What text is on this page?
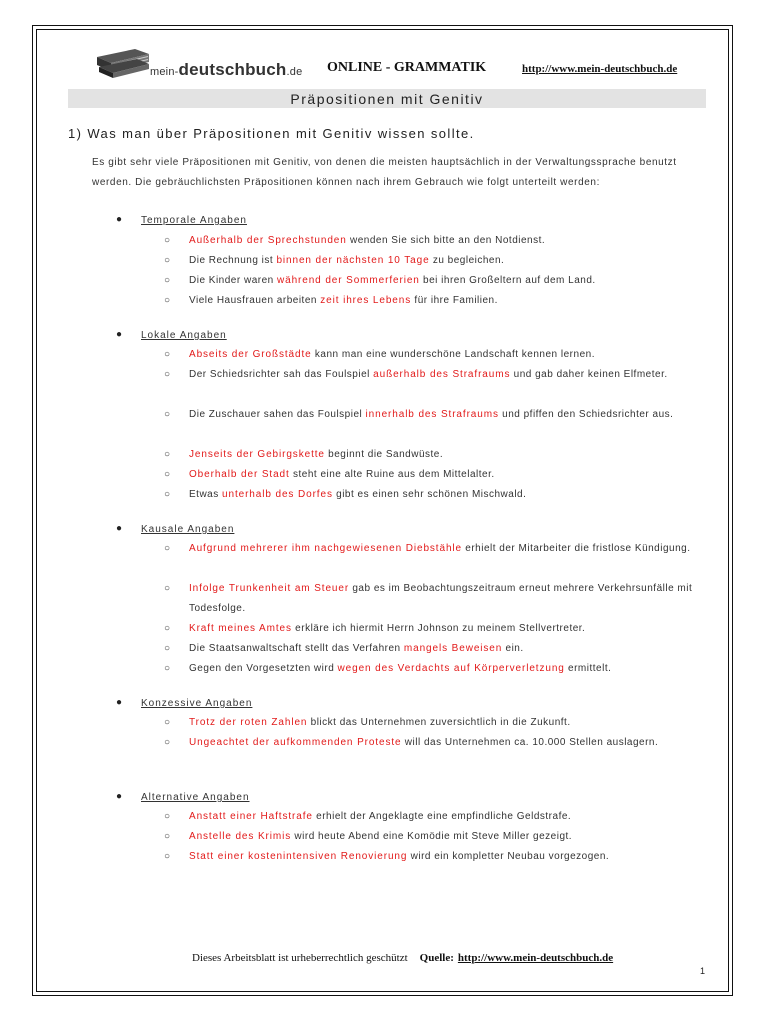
mein-deutschbuch.de ONLINE - GRAMMATIK	http://www.mein-deutschbuch.de
Präpositionen mit Genitiv
1) Was man über Präpositionen mit Genitiv wissen sollte.

Es gibt sehr viele Präpositionen mit Genitiv, von denen die meisten hauptsächlich in der Verwaltungssprache benutzt werden. Die gebräuchlichsten Präpositionen können nach ihrem Gebrauch wie folgt unterteilt werden:

● Temporale Angaben
○ Außerhalb der Sprechstunden wenden Sie sich bitte an den Notdienst.
○ Die Rechnung ist binnen der nächsten 10 Tage zu begleichen.
○ Die Kinder waren während der Sommerferien bei ihren Großeltern auf dem Land.
○ Viele Hausfrauen arbeiten zeit ihres Lebens für ihre Familien.
● Lokale Angaben
○ Abseits der Großstädte kann man eine wunderschöne Landschaft kennen lernen.
○ Der Schiedsrichter sah das Foulspiel außerhalb des Strafraums und gab daher keinen Elfmeter.
○ Die Zuschauer sahen das Foulspiel innerhalb des Strafraums und pfiffen den Schiedsrichter aus.
○ Jenseits der Gebirgskette beginnt die Sandwüste.
○ Oberhalb der Stadt steht eine alte Ruine aus dem Mittelalter.
○ Etwas unterhalb des Dorfes gibt es einen sehr schönen Mischwald.
● Kausale Angaben
○ Aufgrund mehrerer ihm nachgewiesenen Diebstähle erhielt der Mitarbeiter die fristlose Kündigung.
○ Infolge Trunkenheit am Steuer gab es im Beobachtungszeitraum erneut mehrere Verkehrsunfälle mit Todesfolge.
○ Kraft meines Amtes erkläre ich hiermit Herrn Johnson zu meinem Stellvertreter.
○ Die Staatsanwaltschaft stellt das Verfahren mangels Beweisen ein.
○ Gegen den Vorgesetzten wird wegen des Verdachts auf Körperverletzung ermittelt.
● Konzessive Angaben
○ Trotz der roten Zahlen blickt das Unternehmen zuversichtlich in die Zukunft.
○ Ungeachtet der aufkommenden Proteste will das Unternehmen ca. 10.000 Stellen auslagern.
● Alternative Angaben
○ Anstatt einer Haftstrafe erhielt der Angeklagte eine empfindliche Geldstrafe.
○ Anstelle des Krimis wird heute Abend eine Komödie mit Steve Miller gezeigt.
○ Statt einer kostenintensiven Renovierung wird ein kompletter Neubau vorgezogen.
Dieses Arbeitsblatt ist urheberrechtlich geschützt Quelle: http://www.mein-deutschbuch.de
1
